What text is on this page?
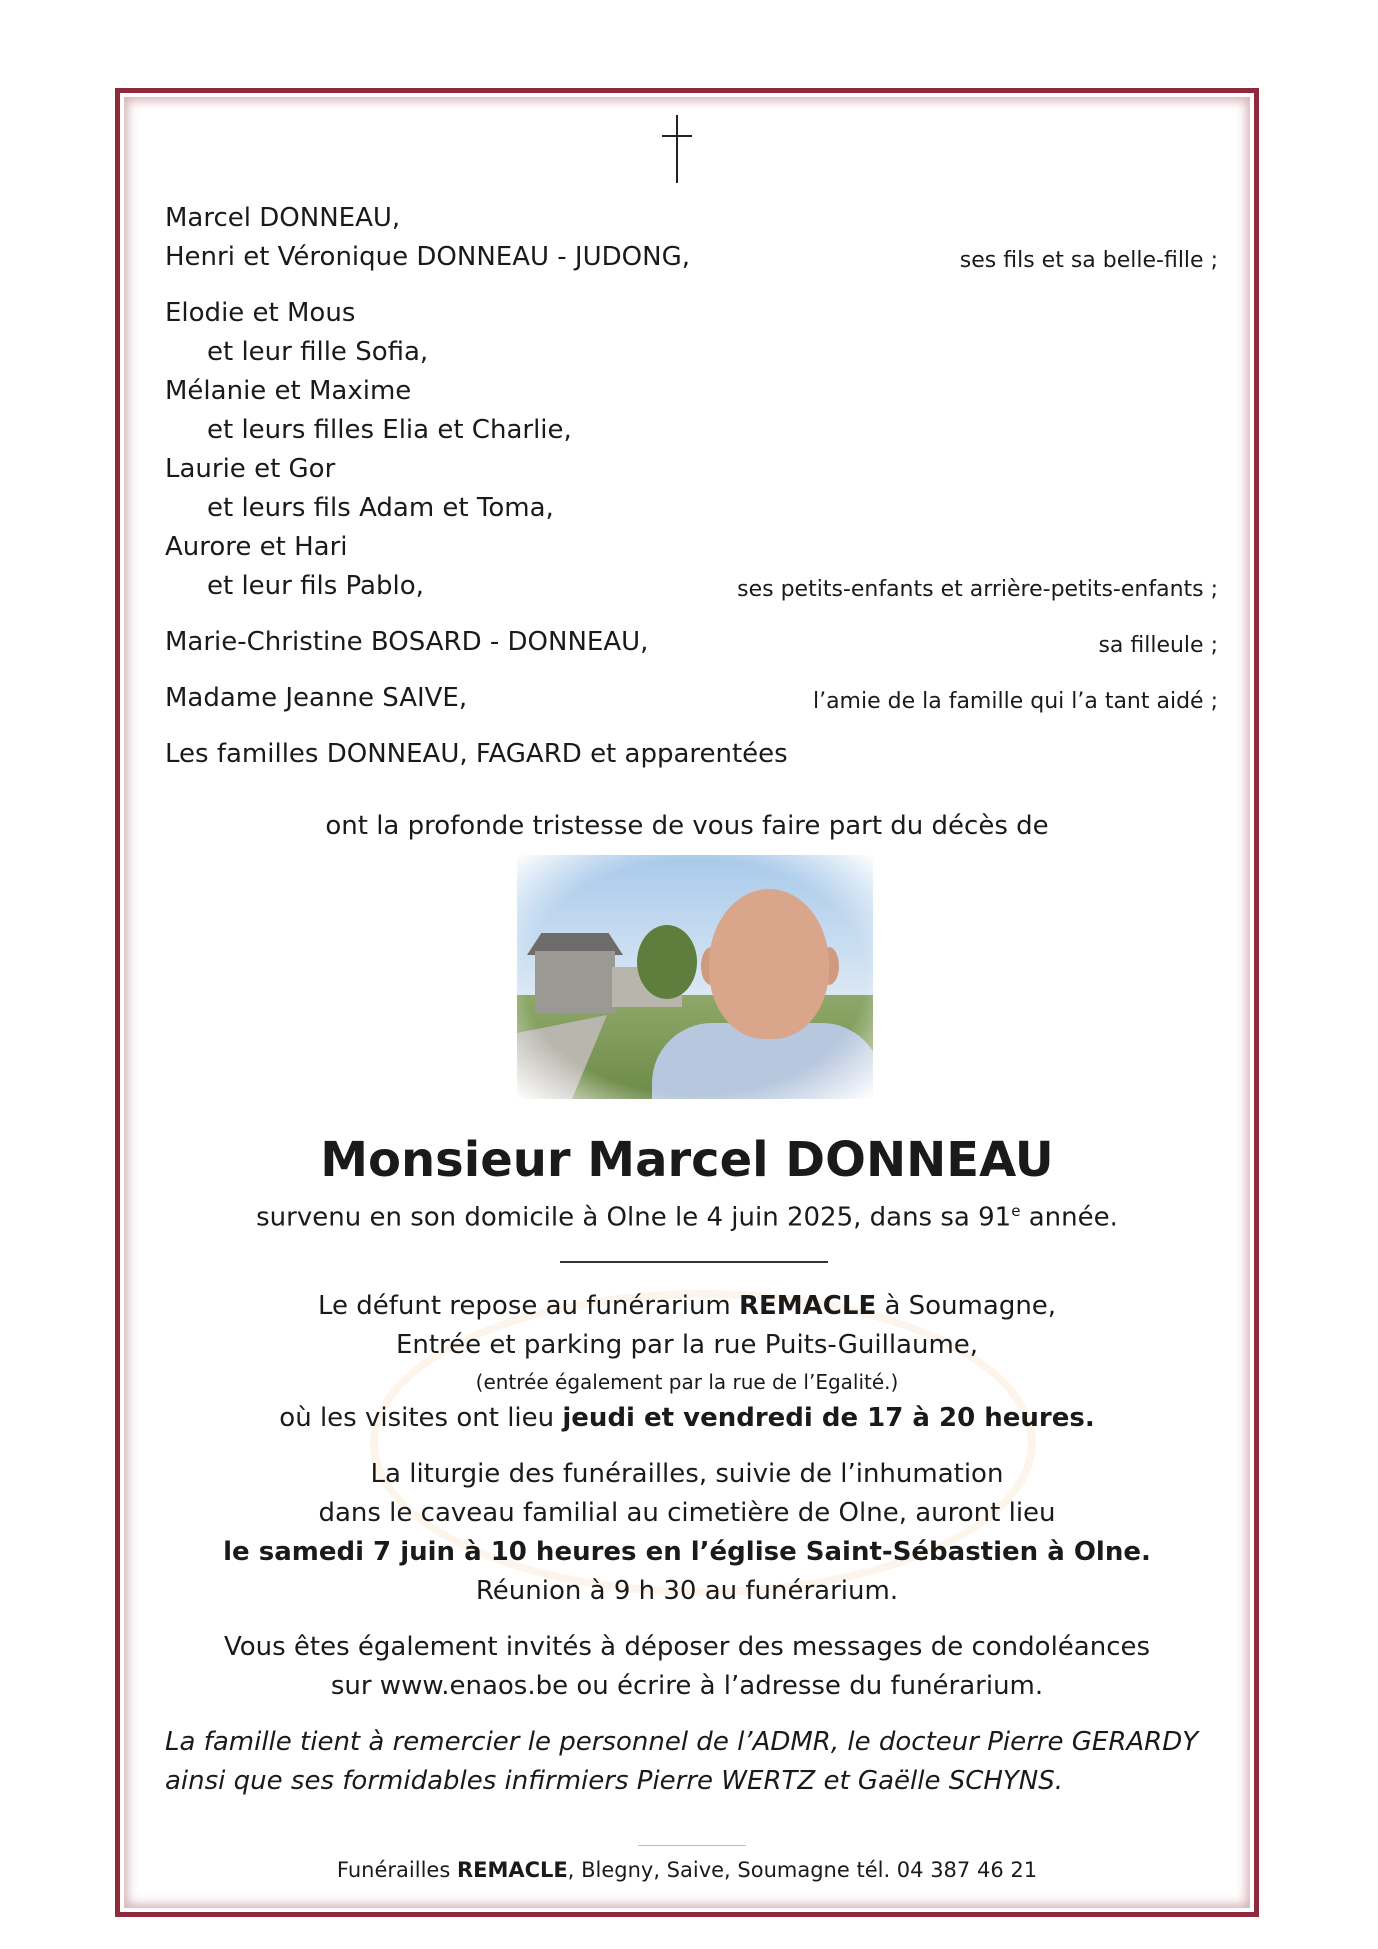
Marcel DONNEAU,
Henri et Véronique DONNEAU - JUDONG,	ses fils et sa belle-fille ;
Elodie et Mous
et leur fille Sofia,
Mélanie et Maxime
et leurs filles Elia et Charlie,
Laurie et Gor
et leurs fils Adam et Toma,
Aurore et Hari
et leur fils Pablo,	ses petits-enfants et arrière-petits-enfants ;
Marie-Christine BOSARD - DONNEAU,	sa filleule ;
Madame Jeanne SAIVE,	l’amie de la famille qui l’a tant aidé ;
Les familles DONNEAU, FAGARD et apparentées
ont la profonde tristesse de vous faire part du décès de
Monsieur Marcel DONNEAU
survenu en son domicile à Olne le 4 juin 2025, dans sa 91e année.
Le défunt repose au funérarium REMACLE à Soumagne,
Entrée et parking par la rue Puits-Guillaume,
(entrée également par la rue de l’Egalité.)
où les visites ont lieu jeudi et vendredi de 17 à 20 heures.
La liturgie des funérailles, suivie de l’inhumation
dans le caveau familial au cimetière de Olne, auront lieu
le samedi 7 juin à 10 heures en l’église Saint-Sébastien à Olne.
Réunion à 9 h 30 au funérarium.
Vous êtes également invités à déposer des messages de condoléances
sur www.enaos.be ou écrire à l’adresse du funérarium.
La famille tient à remercier le personnel de l’ADMR, le docteur Pierre GERARDY
ainsi que ses formidables infirmiers Pierre WERTZ et Gaëlle SCHYNS.
Funérailles REMACLE, Blegny, Saive, Soumagne tél. 04 387 46 21
